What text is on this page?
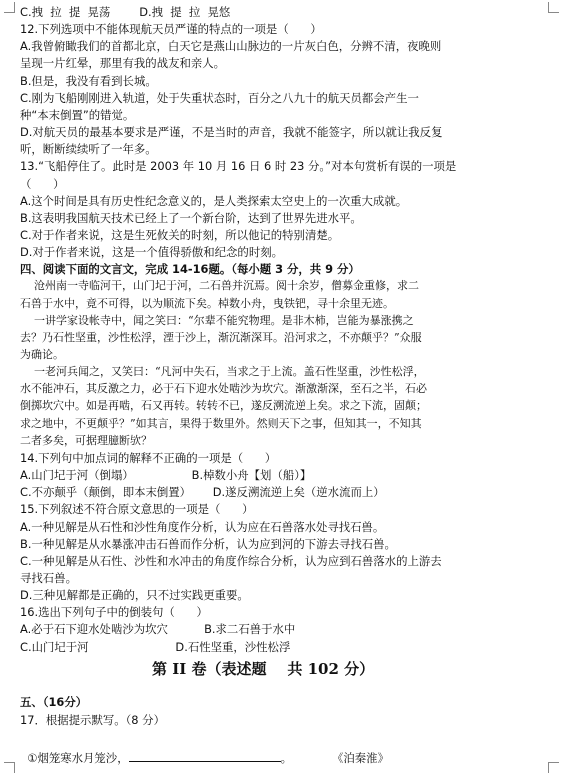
C.拽  拉  提  晃荡        D.拽  提  拉  晃悠
12.下列选项中不能体现航天员严谨的特点的一项是（      ）
A.我曾俯瞰我们的首都北京，白天它是燕山山脉边的一片灰白色，分辨不清，夜晚则
呈现一片红晕，那里有我的战友和亲人。
B.但是，我没有看到长城。
C.刚为飞船刚刚进入轨道，处于失重状态时，百分之八九十的航天员都会产生一
种“本末倒置”的错觉。
D.对航天员的最基本要求是严谨，不是当时的声音，我就不能签字，所以就让我反复
听，断断续续听了一年多。
13.“飞船停住了。此时是 2003 年 10 月 16 日 6 时 23 分。”对本句赏析有误的一项是
（      ）
A.这个时间是具有历史性纪念意义的，是人类探索太空史上的一次重大成就。
B.这表明我国航天技术已经上了一个新台阶，达到了世界先进水平。
C.对于作者来说，这是生死攸关的时刻，所以他记的特别清楚。
D.对于作者来说，这是一个值得骄傲和纪念的时刻。
四、阅读下面的文言文，完成 14-16题。（每小题 3 分，共 9 分）
沧州南一寺临河干，山门圮于河，二石兽并沉焉。阅十余岁，僧募金重修，求二
石兽于水中，竟不可得，以为顺流下矣。棹数小舟，曳铁钯，寻十余里无迹。
一讲学家设帐寺中，闻之笑曰：“尔辈不能究物理。是非木柿，岂能为暴涨携之
去？乃石性坚重，沙性松浮，湮于沙上，渐沉渐深耳。沿河求之，不亦颠乎？”众服
为确论。
一老河兵闻之，又笑曰：“凡河中失石，当求之于上流。盖石性坚重，沙性松浮，
水不能冲石，其反激之力，必于石下迎水处啮沙为坎穴。渐激渐深，至石之半，石必
倒掷坎穴中。如是再啮，石又再转。转转不已，遂反溯流逆上矣。求之下流，固颠；
求之地中，不更颠乎？”如其言，果得于数里外。然则天下之事，但知其一，不知其
二者多矣，可据理臆断欤？
14.下列句中加点词的解释不正确的一项是（      ）
A.山门圮于河（倒塌）                B.棹数小舟【划（船）】
C.不亦颠乎（颠倒，即本末倒置）      D.遂反溯流逆上矣（逆水流而上）
15.下列叙述不符合原文意思的一项是（      ）
A.一种见解是从石性和沙性角度作分析，认为应在石兽落水处寻找石兽。
B.一种见解是从水暴涨冲击石兽而作分析，认为应到河的下游去寻找石兽。
C.一种见解是从石性、沙性和水冲击的角度作综合分析，认为应到石兽落水的上游去
寻找石兽。
D.三种见解都是正确的，只不过实践更重要。
16.选出下列句子中的倒装句（      ）
A.必于石下迎水处啮沙为坎穴          B.求二石兽于水中
C.山门圮于河                        D.石性坚重，沙性松浮
第 II 卷（表述题    共 102 分）
五、（16分）
17．根据提示默写。（8 分）

①烟笼寒水月笼沙，	。	《泊秦淮》
